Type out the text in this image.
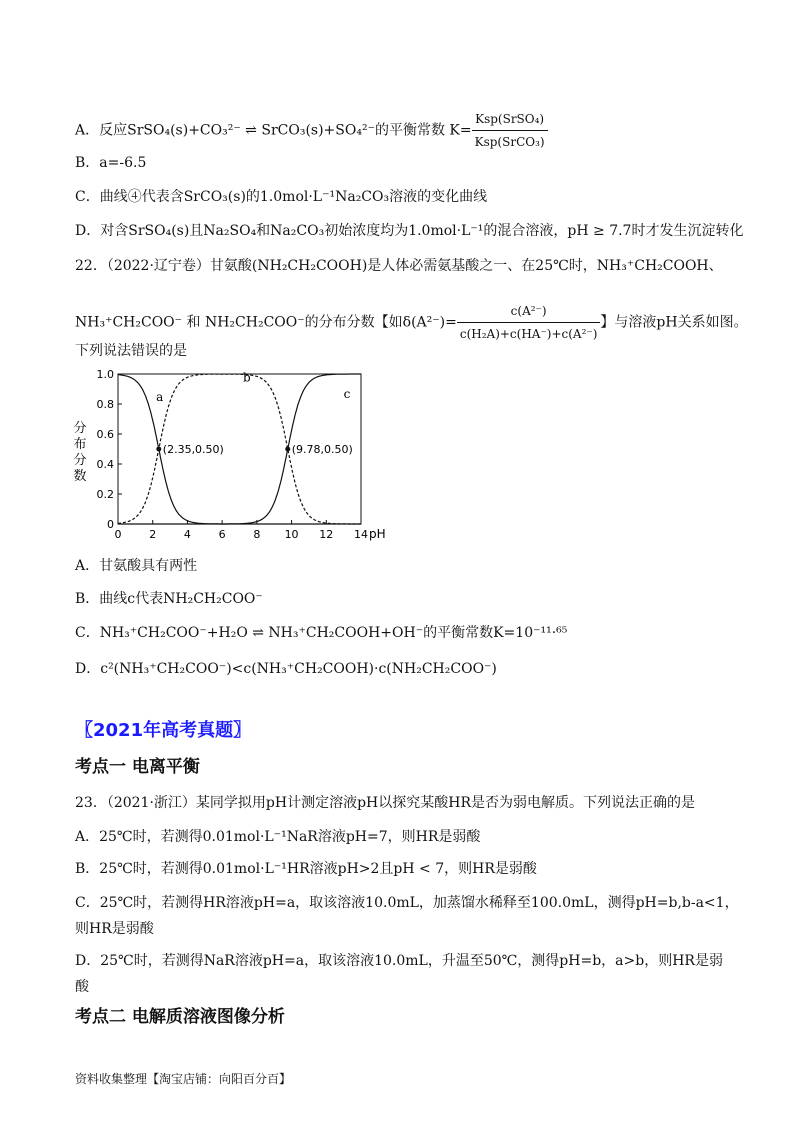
A．反应SrSO₄(s)+CO₃²⁻ ⇌ SrCO₃(s)+SO₄²⁻的平衡常数 $K= \frac{\text{Ksp(SrSO₄)}}{\text{Ksp(SrCO₃)}}$
B．a=-6.5
C．曲线④代表含SrCO₃(s)的1.0mol·L⁻¹Na₂CO₃溶液的变化曲线
D．对含SrSO₄(s)且Na₂SO₄和Na₂CO₃初始浓度均为1.0mol·L⁻¹的混合溶液，pH ≥ 7.7时才发生沉淀转化
22．（2022·辽宁卷）甘氨酸(NH₂CH₂COOH)是人体必需氨基酸之一、在25℃时，NH₃⁺CH₂COOH、
NH₃⁺CH₂COO⁻ 和 NH₂CH₂COO⁻的分布分数【如$\delta(A^{2-})= \frac{\text{c(A²⁻)}}{\text{c(H₂A)+c(HA⁻)+c(A²⁻)}}$ 】与溶液pH关系如图。
下列说法错误的是
0	2	4	6	8 10 12 14
0
0.2
0.4
0.6
0.8
1.0
分
布
分
数
pH
a
b
c
(2.35,0.50)	(9.78,0.50)
A．甘氨酸具有两性
B．曲线c代表NH₂CH₂COO⁻
C．NH₃⁺CH₂COO⁻+H₂O ⇌ NH₃⁺CH₂COOH+OH⁻的平衡常数K=10⁻¹¹·⁶⁵
D．c²(NH₃⁺CH₂COO⁻)<c(NH₃⁺CH₂COOH)·c(NH₂CH₂COO⁻)
〖2021年高考真题〗
考点一 电离平衡
23．（2021·浙江）某同学拟用pH计测定溶液pH以探究某酸HR是否为弱电解质。下列说法正确的是
A．25℃时，若测得0.01mol·L⁻¹NaR溶液pH=7，则HR是弱酸
B．25℃时，若测得0.01mol·L⁻¹HR溶液pH>2且pH < 7，则HR是弱酸
C．25℃时，若测得HR溶液pH=a，取该溶液10.0mL，加蒸馏水稀释至100.0mL，测得pH=b,b-a<1，
则HR是弱酸
D．25℃时，若测得NaR溶液pH=a，取该溶液10.0mL，升温至50℃，测得pH=b，a>b，则HR是弱
酸
考点二 电解质溶液图像分析
资料收集整理【淘宝店铺：向阳百分百】
